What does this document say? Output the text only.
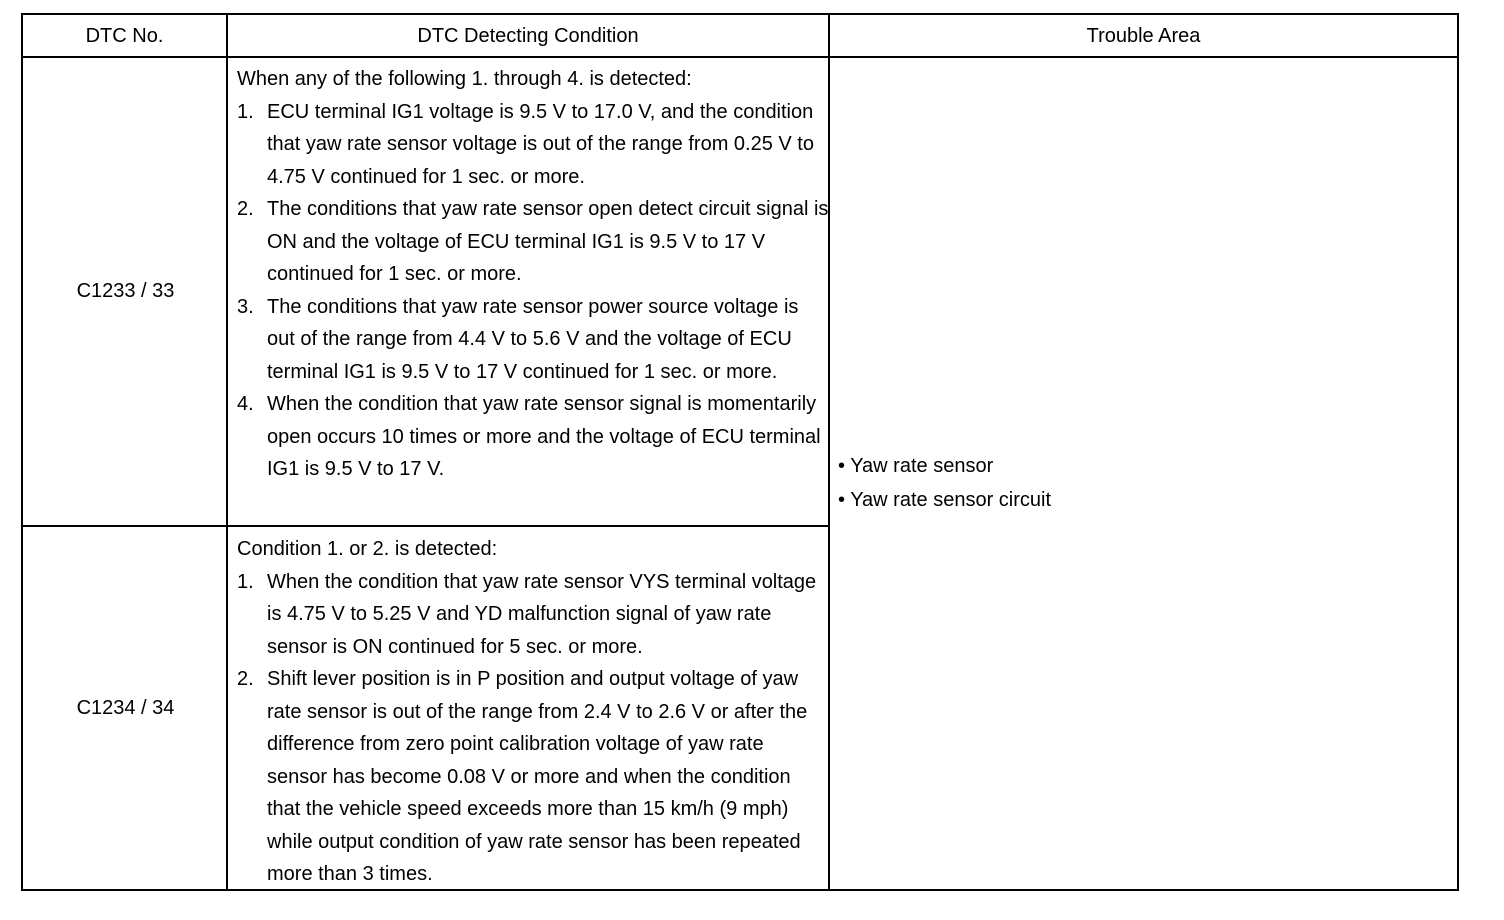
DTC No.	DTC Detecting Condition	Trouble Area
C1233 / 33

When any of the following 1. through 4. is detected:

1. ECU terminal IG1 voltage is 9.5 V to 17.0 V, and the condition that yaw rate sensor voltage is out of the range from 0.25 V to 4.75 V continued for 1 sec. or more.
2. The conditions that yaw rate sensor open detect circuit signal is ON and the voltage of ECU terminal IG1 is 9.5 V to 17 V continued for 1 sec. or more.
3. The conditions that yaw rate sensor power source voltage is out of the range from 4.4 V to 5.6 V and the voltage of ECU terminal IG1 is 9.5 V to 17 V continued for 1 sec. or more.
4. When the condition that yaw rate sensor signal is momentarily open occurs 10 times or more and the voltage of ECU terminal IG1 is 9.5 V to 17 V.
C1234 / 34

Condition 1. or 2. is detected:

1. When the condition that yaw rate sensor VYS terminal voltage is 4.75 V to 5.25 V and YD malfunction signal of yaw rate sensor is ON continued for 5 sec. or more.
2. Shift lever position is in P position and output voltage of yaw rate sensor is out of the range from 2.4 V to 2.6 V or after the difference from zero point calibration voltage of yaw rate sensor has become 0.08 V or more and when the condition that the vehicle speed exceeds more than 15 km/h (9 mph) while output condition of yaw rate sensor has been repeated more than 3 times.
• Yaw rate sensor
• Yaw rate sensor circuit
